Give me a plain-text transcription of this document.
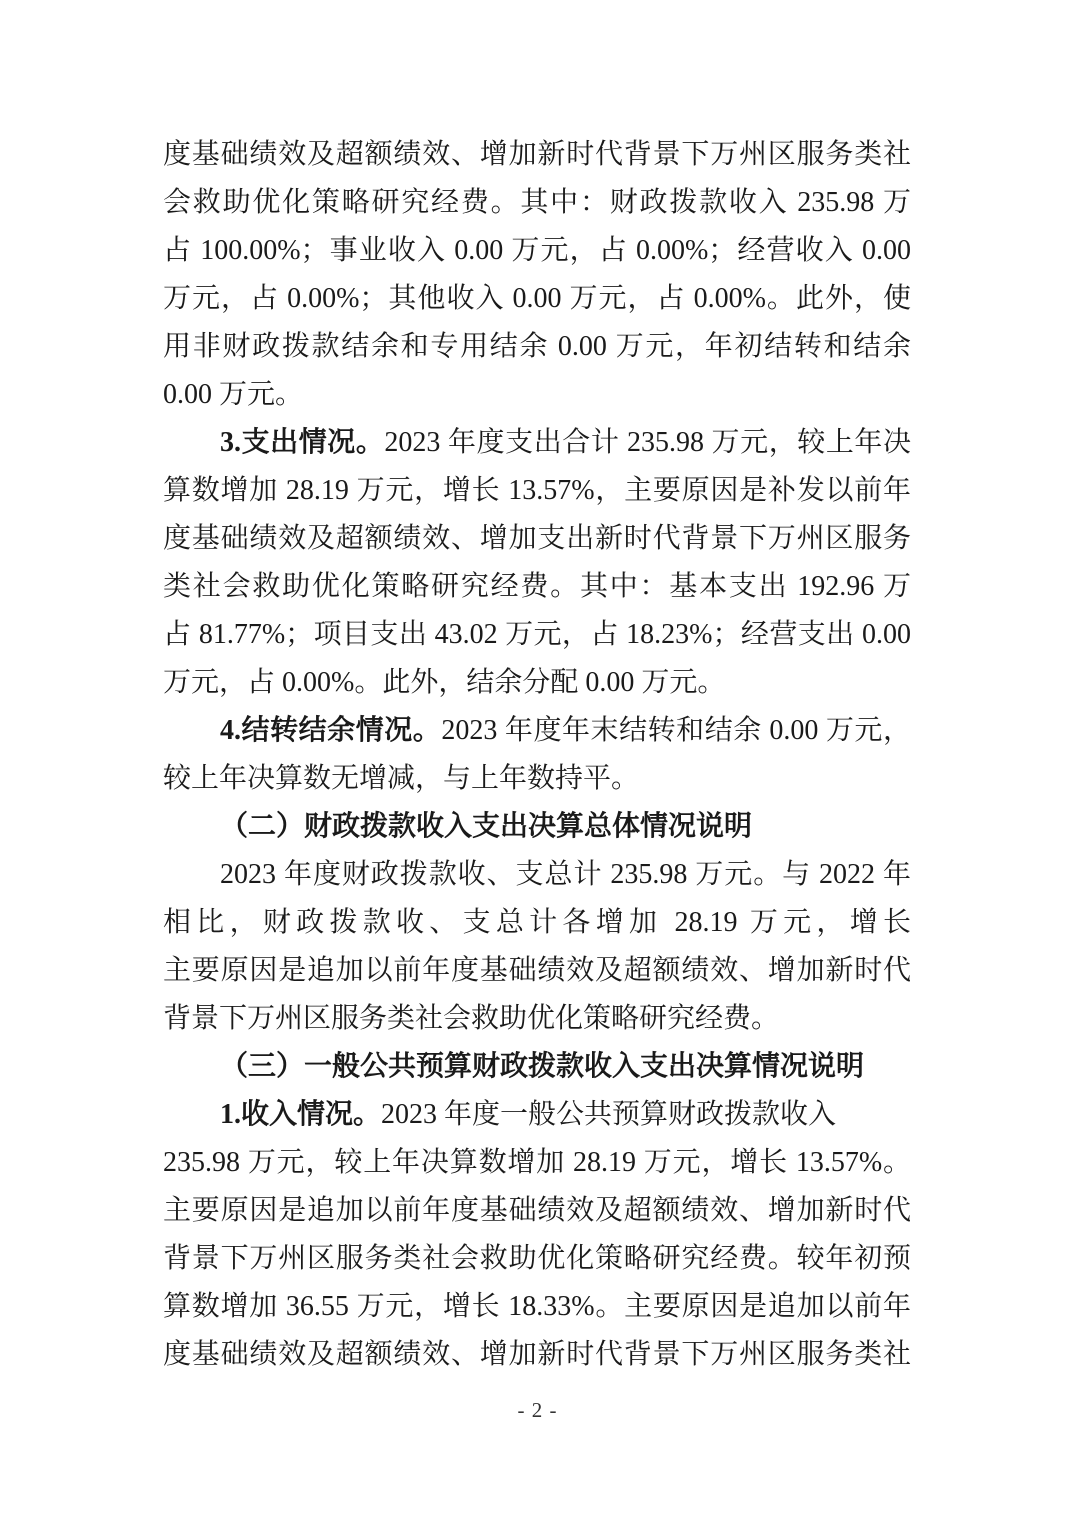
度基础绩效及超额绩效、增加新时代背景下万州区服务类社
会救助优化策略研究经费。其中：财政拨款收入 235.98 万
占 100.00%；事业收入 0.00 万元，占 0.00%；经营收入 0.00
万元，占 0.00%；其他收入 0.00 万元，占 0.00%。此外，使
用非财政拨款结余和专用结余 0.00 万元，年初结转和结余
0.00 万元。
3.支出情况。2023 年度支出合计 235.98 万元，较上年决
算数增加 28.19 万元，增长 13.57%，主要原因是补发以前年
度基础绩效及超额绩效、增加支出新时代背景下万州区服务
类社会救助优化策略研究经费。其中：基本支出 192.96 万
占 81.77%；项目支出 43.02 万元，占 18.23%；经营支出 0.00
万元，占 0.00%。此外，结余分配 0.00 万元。
4.结转结余情况。2023 年度年末结转和结余 0.00 万元，
较上年决算数无增减，与上年数持平。
（二）财政拨款收入支出决算总体情况说明
2023 年度财政拨款收、支总计 235.98 万元。与 2022 年
相比，财政拨款收、支总计各增加 28.19 万元，增长
主要原因是追加以前年度基础绩效及超额绩效、增加新时代
背景下万州区服务类社会救助优化策略研究经费。
（三）一般公共预算财政拨款收入支出决算情况说明
1.收入情况。2023 年度一般公共预算财政拨款收入
235.98 万元，较上年决算数增加 28.19 万元，增长 13.57%。
主要原因是追加以前年度基础绩效及超额绩效、增加新时代
背景下万州区服务类社会救助优化策略研究经费。较年初预
算数增加 36.55 万元，增长 18.33%。主要原因是追加以前年
度基础绩效及超额绩效、增加新时代背景下万州区服务类社
- 2 -
